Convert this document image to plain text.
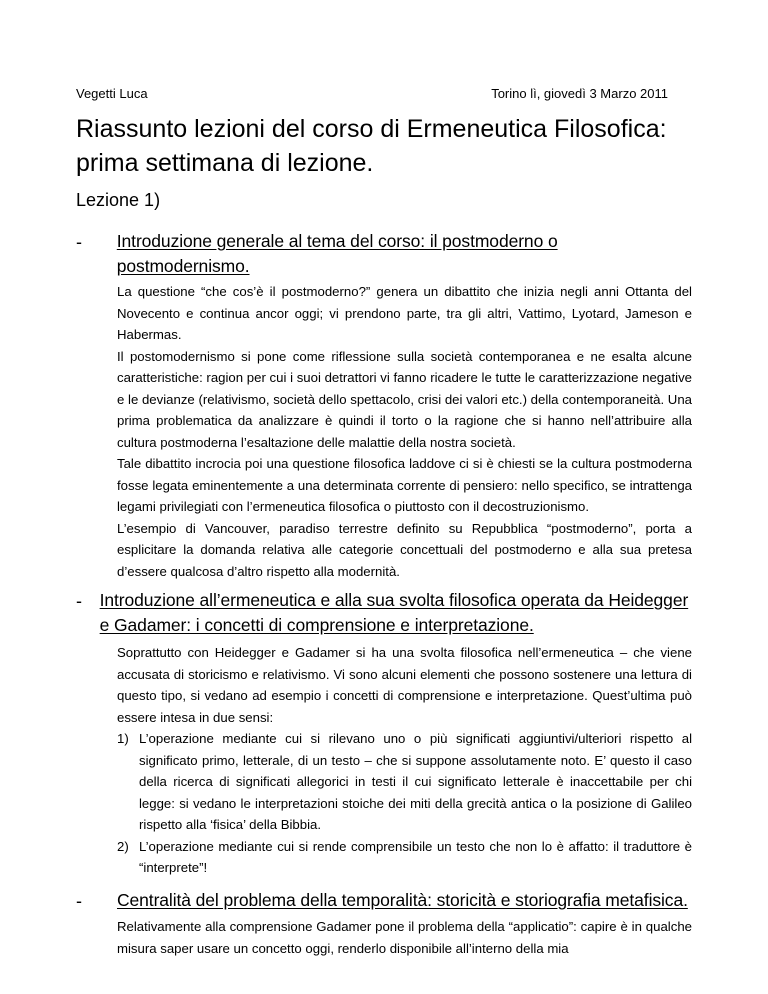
Vegetti Luca	Torino lì, giovedì 3 Marzo 2011
Riassunto lezioni del corso di Ermeneutica Filosofica: prima settimana di lezione.
Lezione 1)
-	Introduzione generale al tema del corso: il postmoderno o postmodernismo.

La questione “che cos’è il postmoderno?” genera un dibattito che inizia negli anni Ottanta del Novecento e continua ancor oggi; vi prendono parte, tra gli altri, Vattimo, Lyotard, Jameson e Habermas.

Il postomodernismo si pone come riflessione sulla società contemporanea e ne esalta alcune caratteristiche: ragion per cui i suoi detrattori vi fanno ricadere le tutte le caratterizzazione negative e le devianze (relativismo, società dello spettacolo, crisi dei valori etc.) della contemporaneità. Una prima problematica da analizzare è quindi il torto o la ragione che si hanno nell’attribuire alla cultura postmoderna l’esaltazione delle malattie della nostra società.

Tale dibattito incrocia poi una questione filosofica laddove ci si è chiesti se la cultura postmoderna fosse legata eminentemente a una determinata corrente di pensiero: nello specifico, se intrattenga legami privilegiati con l’ermeneutica filosofica o piuttosto con il decostruzionismo.

L’esempio di Vancouver, paradiso terrestre definito su Repubblica “postmoderno”, porta a esplicitare la domanda relativa alle categorie concettuali del postmoderno e alla sua pretesa d’essere qualcosa d’altro rispetto alla modernità.

-	Introduzione all’ermeneutica e alla sua svolta filosofica operata da Heidegger e Gadamer: i concetti di comprensione e interpretazione.

Soprattutto con Heidegger e Gadamer si ha una svolta filosofica nell’ermeneutica – che viene accusata di storicismo e relativismo. Vi sono alcuni elementi che possono sostenere una lettura di questo tipo, si vedano ad esempio i concetti di comprensione e interpretazione. Quest’ultima può essere intesa in due sensi:

1) L’operazione mediante cui si rilevano uno o più significati aggiuntivi/ulteriori rispetto al significato primo, letterale, di un testo – che si suppone assolutamente noto. E’ questo il caso della ricerca di significati allegorici in testi il cui significato letterale è inaccettabile per chi legge: si vedano le interpretazioni stoiche dei miti della grecità antica o la posizione di Galileo rispetto alla ‘fisica’ della Bibbia.
2) L’operazione mediante cui si rende comprensibile un testo che non lo è affatto: il traduttore è “interprete”!
-	Centralità del problema della temporalità: storicità e storiografia metafisica.

Relativamente alla comprensione Gadamer pone il problema della “applicatio”: capire è in qualche misura saper usare un concetto oggi, renderlo disponibile all’interno della mia
